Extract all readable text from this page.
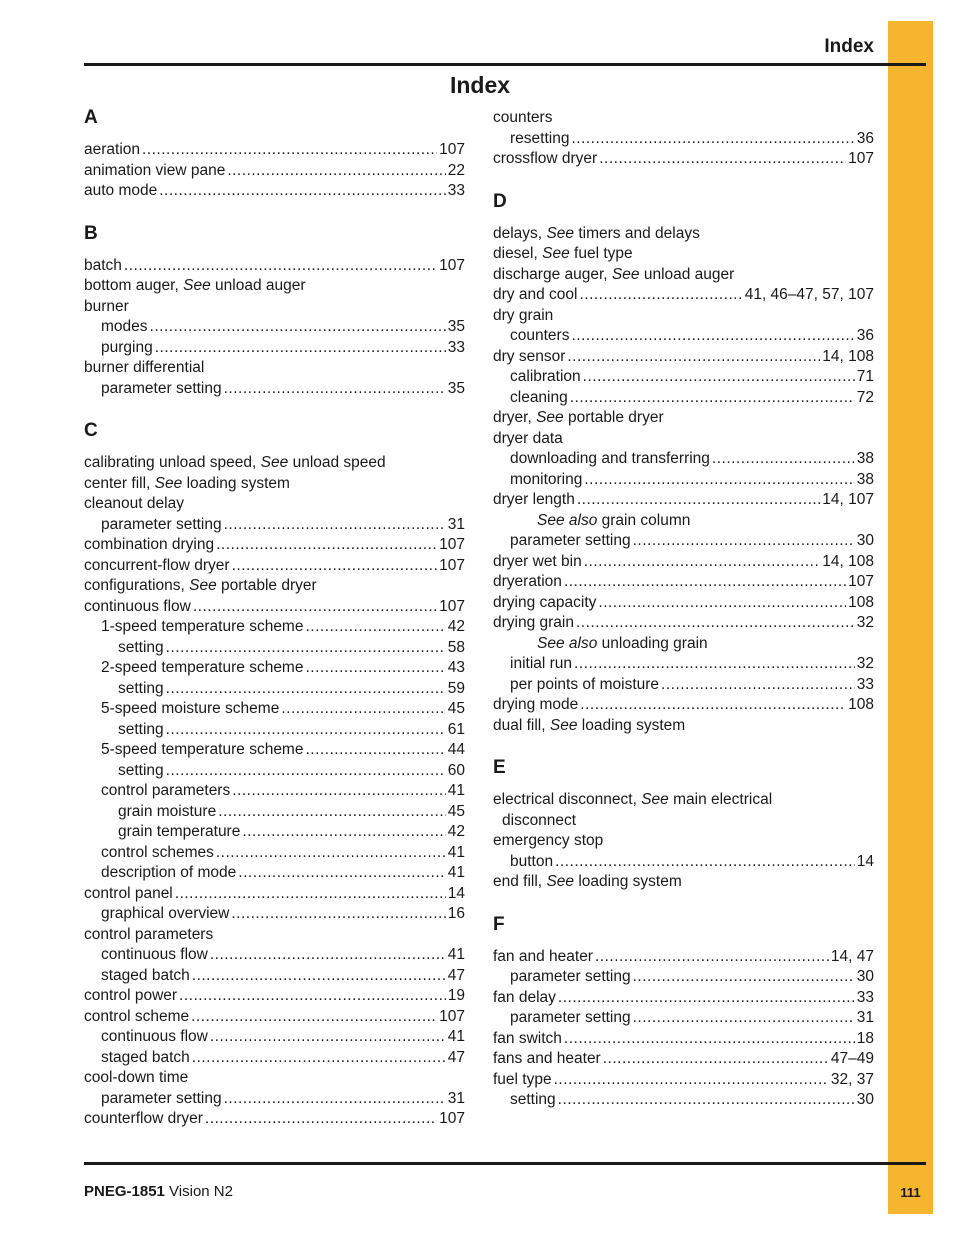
Index
Index
A
aeration .....	107
animation view pane .....	22
auto mode .....	33
B
batch .....	107
bottom auger, See unload auger
burner
modes .....	35
purging .....	33
burner differential
parameter setting .....	35
C
calibrating unload speed, See unload speed
center fill, See loading system
cleanout delay
parameter setting .....	31
combination drying .....	107
concurrent-flow dryer .....	107
configurations, See portable dryer
continuous flow .....	107
1-speed temperature scheme .....	42
setting .....	58
2-speed temperature scheme .....	43
setting .....	59
5-speed moisture scheme .....	45
setting .....	61
5-speed temperature scheme .....	44
setting .....	60
control parameters .....	41
grain moisture .....	45
grain temperature .....	42
control schemes .....	41
description of mode .....	41
control panel .....	14
graphical overview .....	16
control parameters
continuous flow .....	41
staged batch .....	47
control power .....	19
control scheme .....	107
continuous flow .....	41
staged batch .....	47
cool-down time
parameter setting .....	31
counterflow dryer .....	107
counters
resetting .....	36
crossflow dryer .....	107
D
delays, See timers and delays
diesel, See fuel type
discharge auger, See unload auger
dry and cool .....	41, 46–47, 57, 107
dry grain
counters .....	36
dry sensor .....	14, 108
calibration .....	71
cleaning .....	72
dryer, See portable dryer
dryer data
downloading and transferring .....	38
monitoring .....	38
dryer length .....	14, 107
See also grain column
parameter setting .....	30
dryer wet bin .....	14, 108
dryeration .....	107
drying capacity .....	108
drying grain .....	32
See also unloading grain
initial run .....	32
per points of moisture .....	33
drying mode .....	108
dual fill, See loading system
E
electrical disconnect, See main electrical
disconnect
emergency stop
button .....	14
end fill, See loading system
F
fan and heater .....	14, 47
parameter setting .....	30
fan delay .....	33
parameter setting .....	31
fan switch .....	18
fans and heater .....	47–49
fuel type .....	32, 37
setting .....	30
PNEG-1851 Vision N2	111
